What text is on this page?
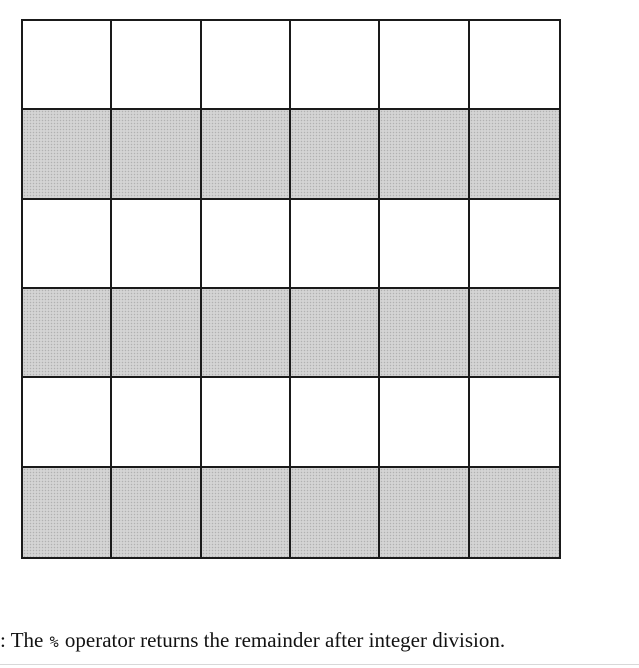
: The % operator returns the remainder after integer division.
